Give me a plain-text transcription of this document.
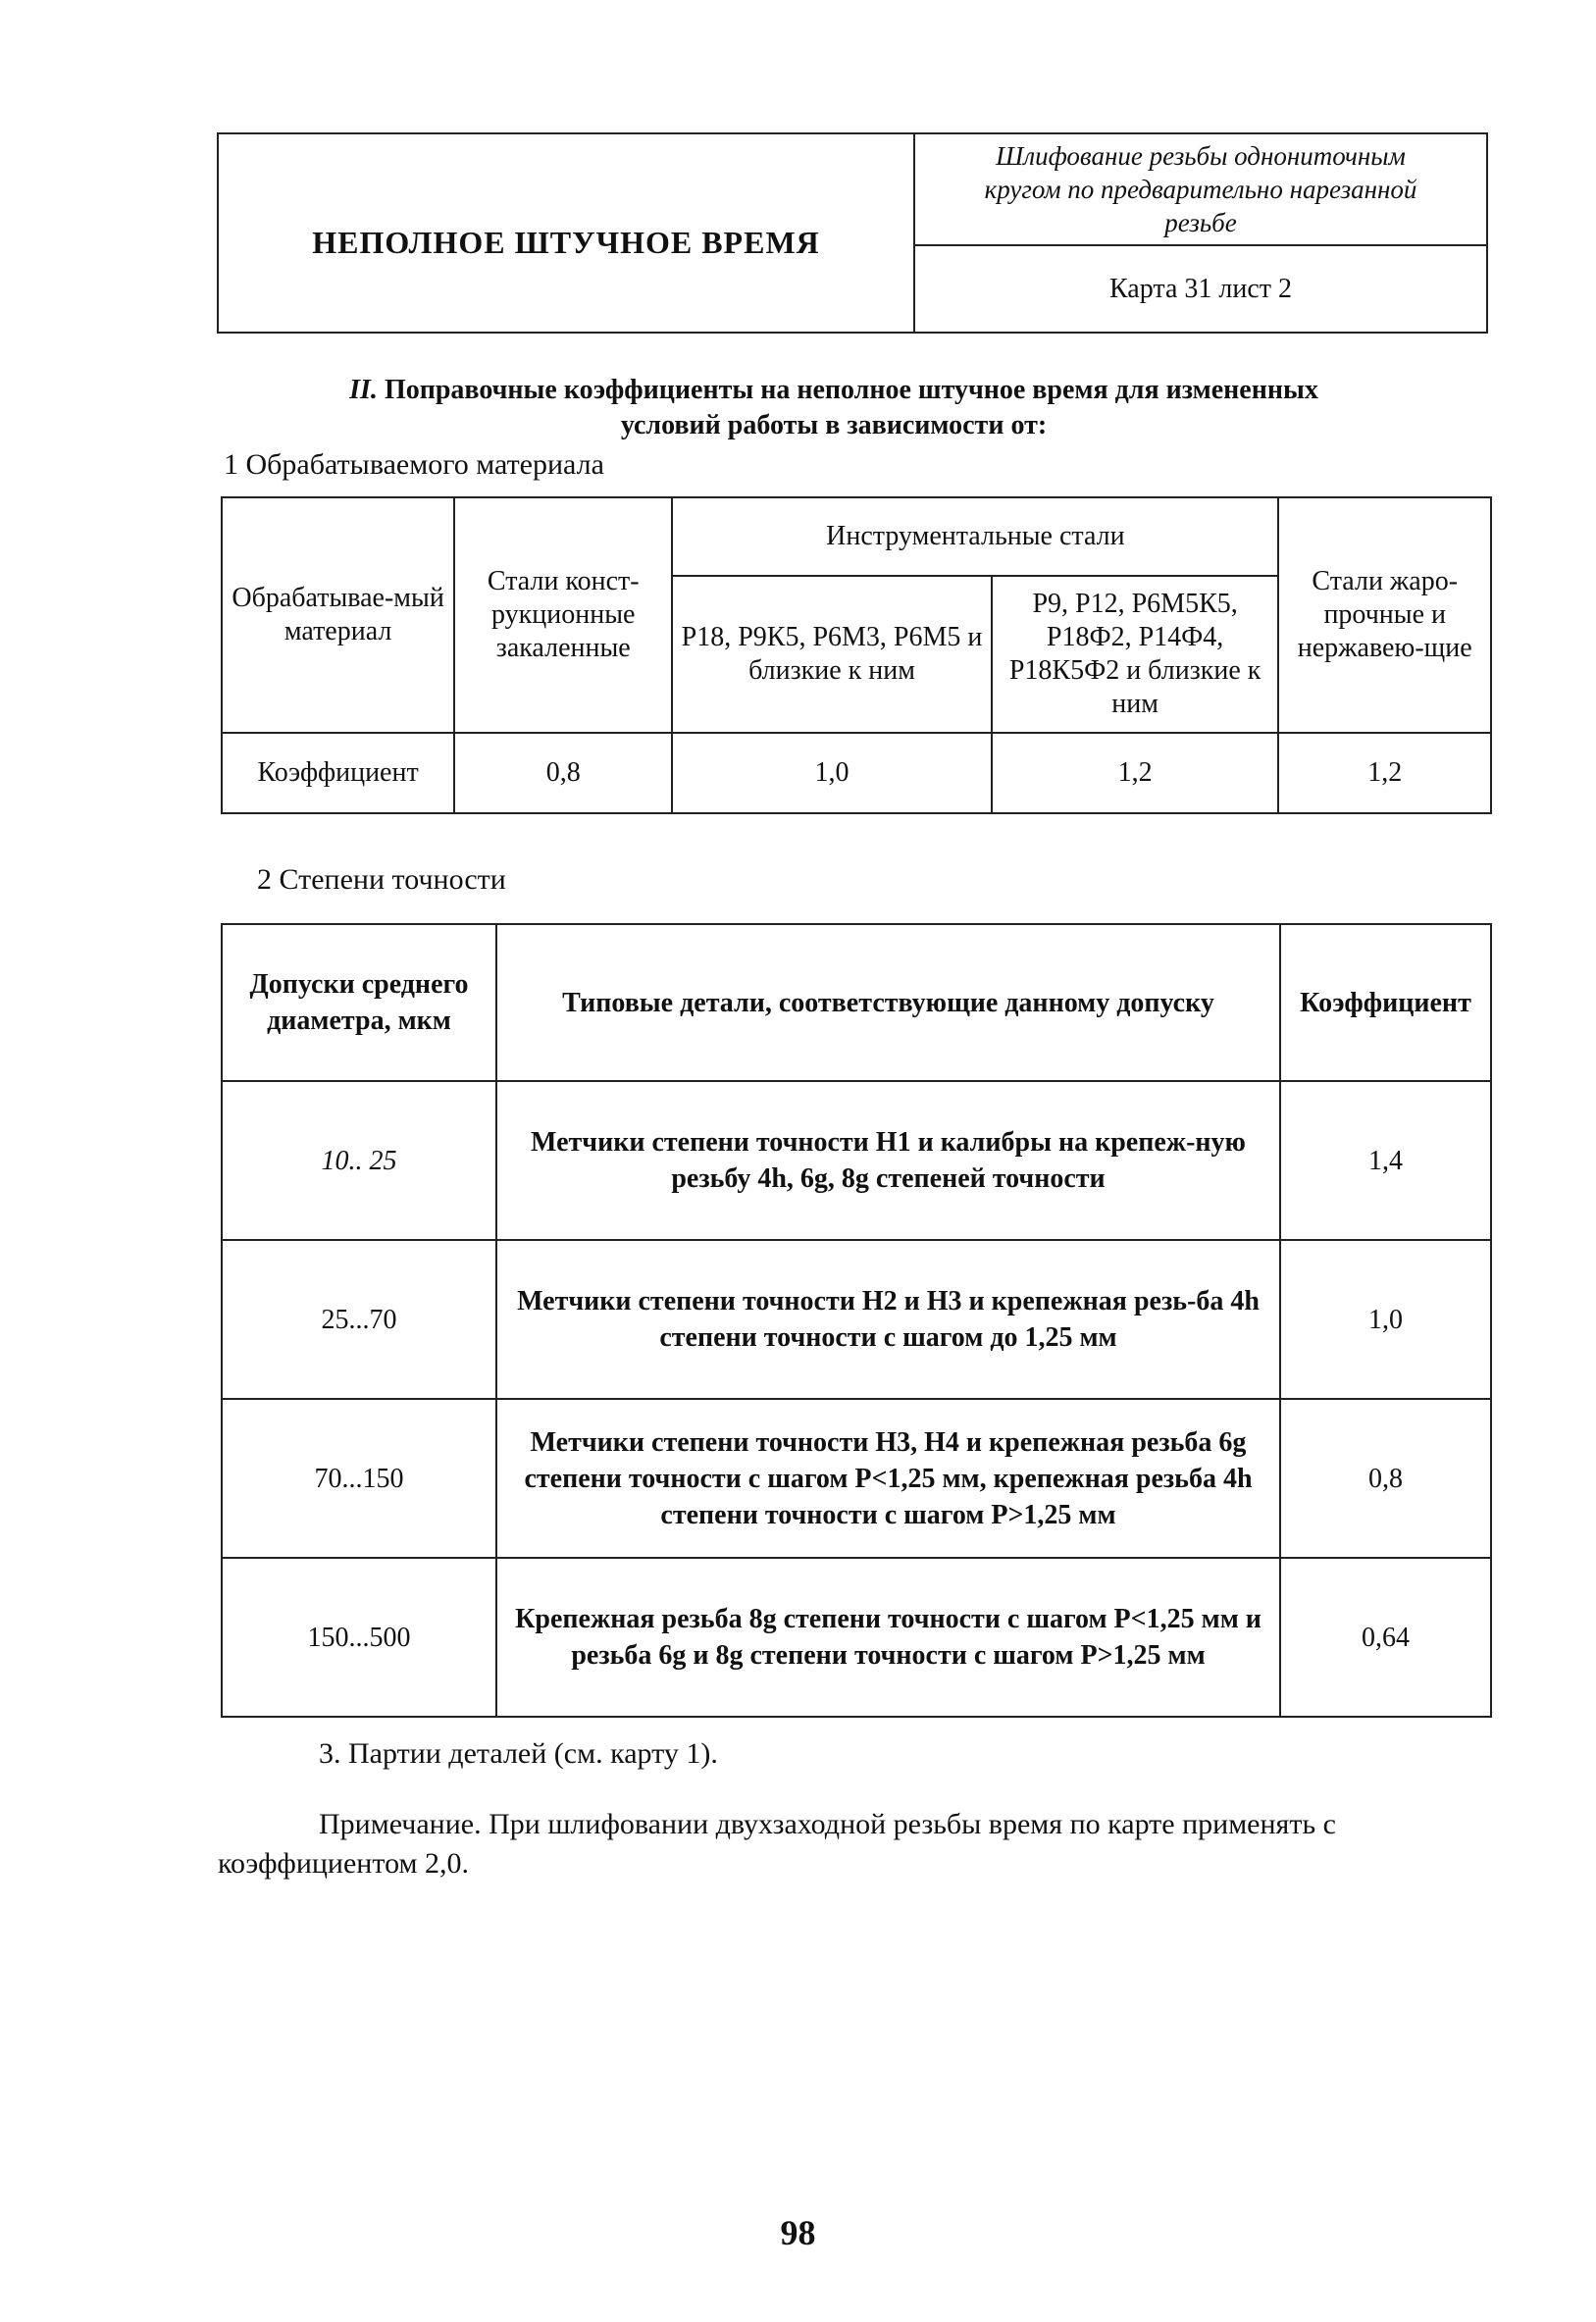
НЕПОЛНОЕ ШТУЧНОЕ ВРЕМЯ

Шлифование резьбы однониточным
кругом по предварительно нарезанной
резьбе

Карта 31 лист 2
II. Поправочные коэффициенты на неполное штучное время для измененных
условий работы в зависимости от:
1 Обрабатываемого материала
Обрабатывае-мый материал	Стали конст-рукционные закаленные	Инструментальные стали		Стали жаро-прочные и нержавею-щие
		Р18, Р9К5, Р6М3, Р6М5 и близкие к ним	Р9, Р12, Р6М5К5, Р18Ф2, Р14Ф4, Р18К5Ф2 и близкие к ним	
Коэффициент	0,8	1,0	1,2	1,2
2 Степени точности
Допуски среднего диаметра, мкм	Типовые детали, соответствующие данному допуску	Коэффициент
10.. 25	Метчики степени точности Н1 и калибры на крепеж-ную резьбу 4h, 6g, 8g степеней точности	1,4
25...70	Метчики степени точности Н2 и Н3 и крепежная резь-ба 4h степени точности с шагом до 1,25 мм	1,0
70...150	Метчики степени точности Н3, Н4 и крепежная резьба 6g степени точности с шагом Р<1,25 мм, крепежная резьба 4h степени точности с шагом Р>1,25 мм	0,8
150...500	Крепежная резьба 8g степени точности с шагом Р<1,25 мм и резьба 6g и 8g степени точности с шагом Р>1,25 мм	0,64
3. Партии деталей (см. карту 1).
Примечание. При шлифовании двухзаходной резьбы время по карте применять с
коэффициентом 2,0.
98
